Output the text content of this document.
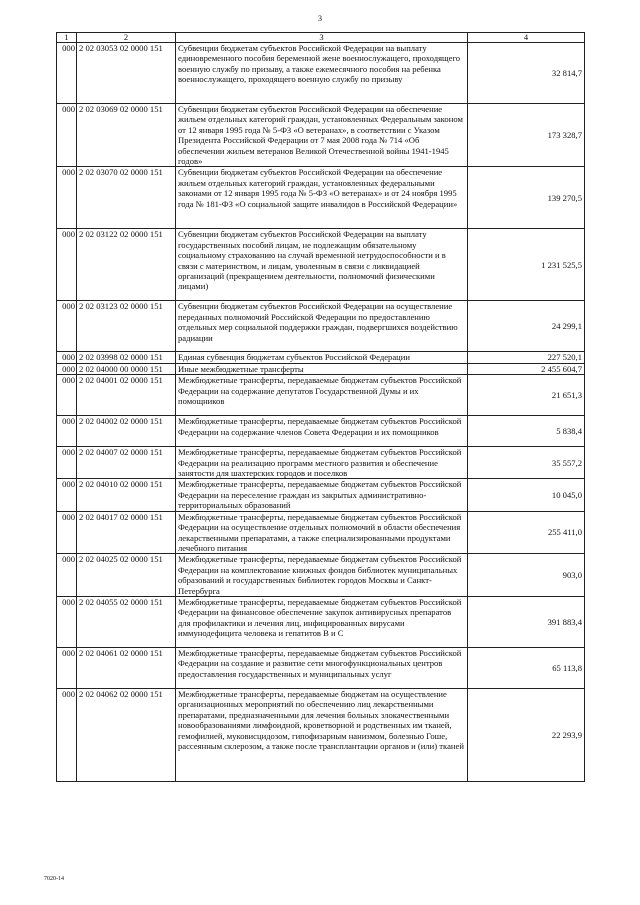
3
1	2	3	4
000	2 02 03053 02 0000 151	Субвенции бюджетам субъектов Российской Федерации на выплату единовременного пособия беременной жене военнослужащего, проходящего военную службу по призыву, а также ежемесячного пособия на ребенка военнослужащего, проходящего военную службу по призыву	32 814,7
000	2 02 03069 02 0000 151	Субвенции бюджетам субъектов Российской Федерации на обеспечение жильем отдельных категорий граждан, установленных Федеральным законом от 12 января 1995 года № 5-ФЗ «О ветеранах», в соответствии с Указом Президента Российской Федерации от 7 мая 2008 года № 714 «Об обеспечении жильем ветеранов Великой Отечественной войны 1941-1945 годов»	173 328,7
000	2 02 03070 02 0000 151	Субвенции бюджетам субъектов Российской Федерации на обеспечение жильем отдельных категорий граждан, установленных федеральными законами от 12 января 1995 года № 5-ФЗ «О ветеранах» и от 24 ноября 1995 года № 181-ФЗ «О социальной защите инвалидов в Российской Федерации»	139 270,5
000	2 02 03122 02 0000 151	Субвенции бюджетам субъектов Российской Федерации на выплату государственных пособий лицам, не подлежащим обязательному социальному страхованию на случай временной нетрудоспособности и в связи с материнством, и лицам, уволенным в связи с ликвидацией организаций (прекращением деятельности, полномочий физическими лицами)	1 231 525,5
000	2 02 03123 02 0000 151	Субвенции бюджетам субъектов Российской Федерации на осуществление переданных полномочий Российской Федерации по предоставлению отдельных мер социальной поддержки граждан, подвергшихся воздействию радиации	24 299,1
000	2 02 03998 02 0000 151	Единая субвенция бюджетам субъектов Российской Федерации	227 520,1
000	2 02 04000 00 0000 151	Иные межбюджетные трансферты	2 455 604,7
000	2 02 04001 02 0000 151	Межбюджетные трансферты, передаваемые бюджетам субъектов Российской Федерации на содержание депутатов Государственной Думы и их помощников	21 651,3
000	2 02 04002 02 0000 151	Межбюджетные трансферты, передаваемые бюджетам субъектов Российской Федерации на содержание членов Совета Федерации и их помощников	5 838,4
000	2 02 04007 02 0000 151	Межбюджетные трансферты, передаваемые бюджетам субъектов Российской Федерации на реализацию программ местного развития и обеспечение занятости для шахтерских городов и поселков	35 557,2
000	2 02 04010 02 0000 151	Межбюджетные трансферты, передаваемые бюджетам субъектов Российской Федерации на переселение граждан из закрытых административно-территориальных образований	10 045,0
000	2 02 04017 02 0000 151	Межбюджетные трансферты, передаваемые бюджетам субъектов Российской Федерации на осуществление отдельных полномочий в области обеспечения лекарственными препаратами, а также специализированными продуктами лечебного питания	255 411,0
000	2 02 04025 02 0000 151	Межбюджетные трансферты, передаваемые бюджетам субъектов Российской Федерации на комплектование книжных фондов библиотек муниципальных образований и государственных библиотек городов Москвы и Санкт-Петербурга	903,0
000	2 02 04055 02 0000 151	Межбюджетные трансферты, передаваемые бюджетам субъектов Российской Федерации на финансовое обеспечение закупок антивирусных препаратов для профилактики и лечения лиц, инфицированных вирусами иммунодефицита человека и гепатитов В и С	391 883,4
000	2 02 04061 02 0000 151	Межбюджетные трансферты, передаваемые бюджетам субъектов Российской Федерации на создание и развитие сети многофункциональных центров предоставления государственных и муниципальных услуг	65 113,8
000	2 02 04062 02 0000 151	Межбюджетные трансферты, передаваемые бюджетам на осуществление организационных мероприятий по обеспечению лиц лекарственными препаратами, предназначенными для лечения больных злокачественными новообразованиями лимфоидной, кроветворной и родственных им тканей, гемофилией, муковисцидозом, гипофизарным нанизмом, болезнью Гоше, рассеянным склерозом, а также после трансплантации органов и (или) тканей	22 293,9
7020-14
